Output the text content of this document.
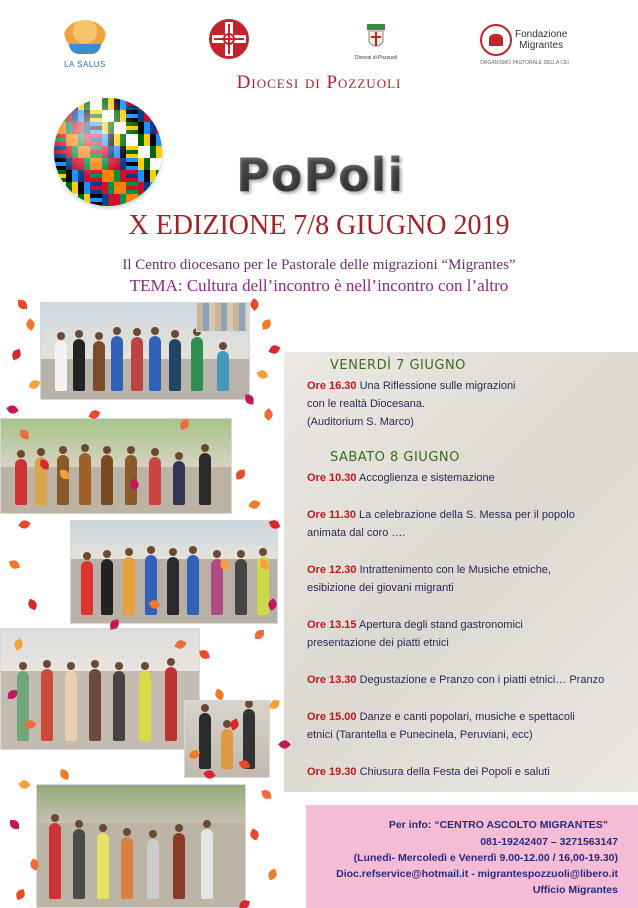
LA SALUS
Diocesi di Pozzuoli
Fondazione
Migrantes
ORGANISMO PASTORALE DELLA CEI
Diocesi di Pozzuoli
PoPoli
X EDIZIONE 7/8 GIUGNO 2019
Il Centro diocesano per le Pastorale delle migrazioni “Migrantes”
TEMA: Cultura dell’incontro è nell’incontro con l’altro
VENERDÌ 7 GIUGNO
Ore 16.30 Una Riflessione sulle migrazioni
con le realtà Diocesana.
(Auditorium S. Marco)
SABATO 8 GIUGNO
Ore 10.30 Accoglienza e sistemazione
Ore 11.30 La celebrazione della S. Messa per il popolo
animata dal coro ….
Ore 12.30 Intrattenimento con le Musiche etniche,
esibizione dei giovani migranti
Ore 13.15 Apertura degli stand gastronomici
presentazione dei piatti etnici
Ore 13.30 Degustazione e Pranzo con i piatti etnici… Pranzo
Ore 15.00 Danze e canti popolari, musiche e spettacoli
etnici (Tarantella e Punecinela, Peruviani, ecc)
Ore 19.30 Chiusura della Festa dei Popoli e saluti
Per info: “CENTRO ASCOLTO MIGRANTES”
081-19242407 – 3271563147
(Lunedì- Mercoledì e Venerdì 9.00-12.00 / 16,00-19.30)
Dioc.refservice@hotmail.it - migrantespozzuoli@libero.it
Ufficio Migrantes
